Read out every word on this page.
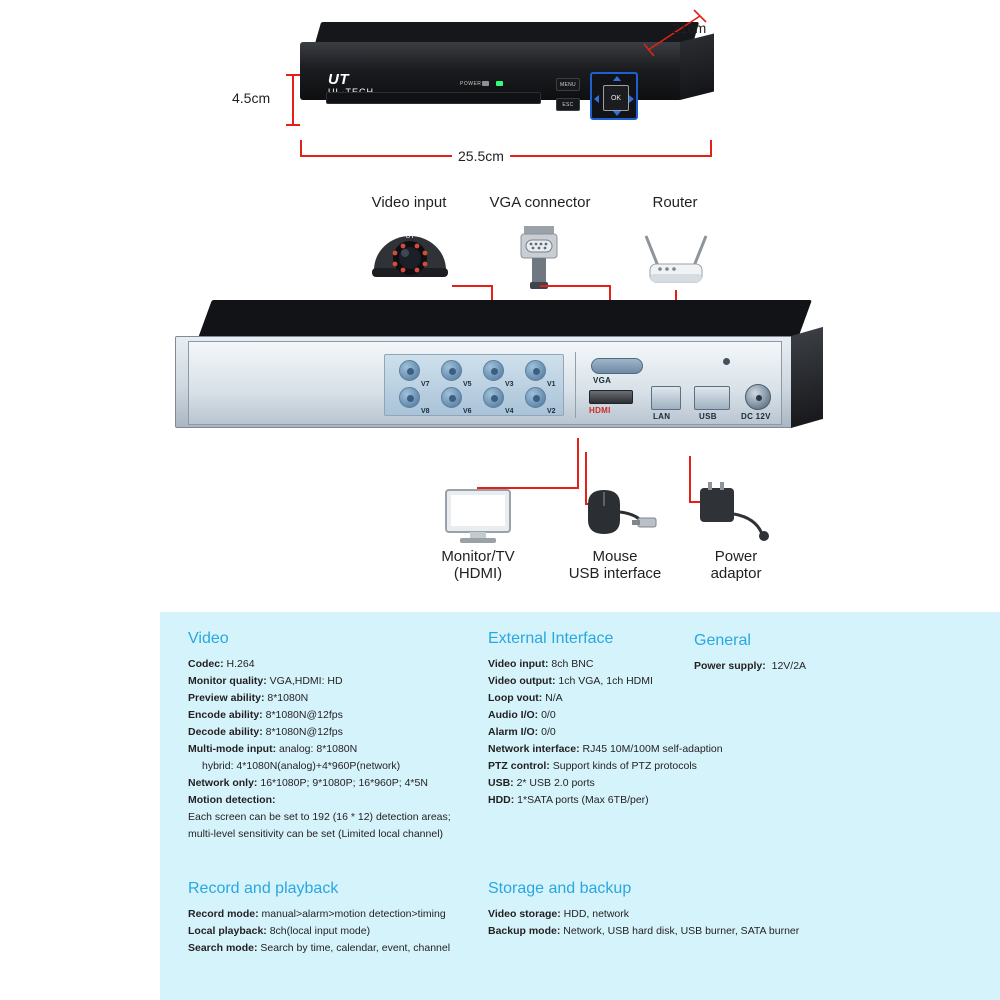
UT	POWER	MENU
ESC
OK
21cm
4.5cm
25.5cm
Video input	VGA connector	Router
UT
V7	V5	V3	V1
V8	V6	V4	V2
VGA
HDMI
LAN	USB	DC 12V
Monitor/TV
(HDMI)
Mouse
USB interface
Power
adaptor
Video
Codec: H.264
Monitor quality: VGA,HDMI: HD
Preview ability: 8*1080N
Encode ability: 8*1080N@12fps
Decode ability: 8*1080N@12fps
Multi-mode input: analog: 8*1080N
hybrid: 4*1080N(analog)+4*960P(network)
Network only: 16*1080P; 9*1080P; 16*960P; 4*5N
Motion detection:
Each screen can be set to 192 (16 * 12) detection areas;
multi-level sensitivity can be set (Limited local channel)
External Interface
Video input: 8ch BNC
Video output: 1ch VGA, 1ch HDMI
Loop vout: N/A
Audio I/O: 0/0
Alarm I/O: 0/0
Network interface: RJ45 10M/100M self-adaption
PTZ control: Support kinds of PTZ protocols
USB: 2* USB 2.0 ports
HDD: 1*SATA ports (Max 6TB/per)
General
Power supply: 12V/2A
Record and playback
Record mode: manual>alarm>motion detection>timing
Local playback: 8ch(local input mode)
Search mode: Search by time, calendar, event, channel
Storage and backup
Video storage: HDD, network
Backup mode: Network, USB hard disk, USB burner, SATA burner
